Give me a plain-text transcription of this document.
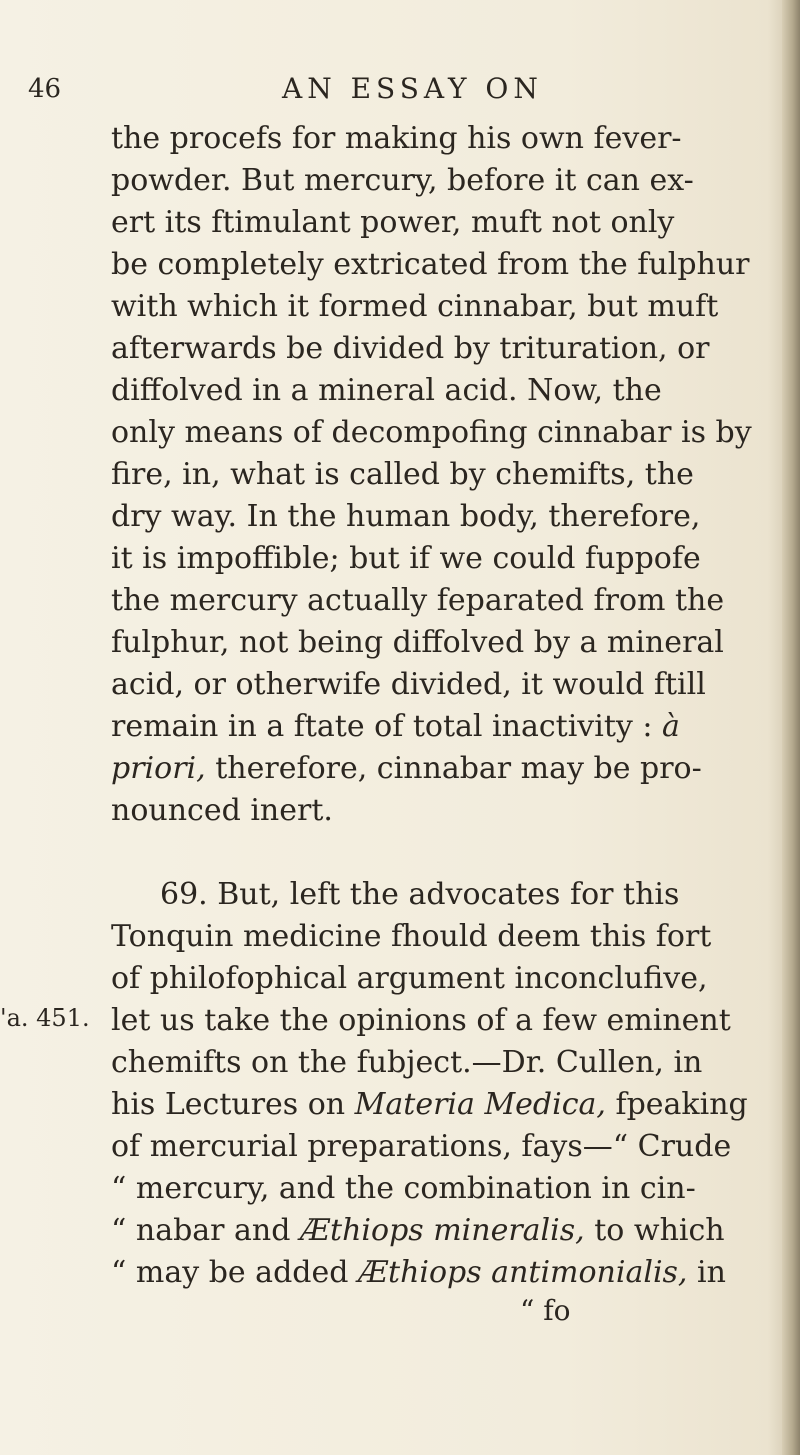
46	AN ESSAY ON
'a. 451.
the procefs for making his own fever-
powder. But mercury, before it can ex-
ert its ftimulant power, muft not only
be completely extricated from the fulphur
with which it formed cinnabar, but muft
afterwards be divided by trituration, or
diffolved in a mineral acid. Now, the
only means of decompofing cinnabar is by
fire, in, what is called by chemifts, the
dry way. In the human body, therefore,
it is impoffible; but if we could fuppofe
the mercury actually feparated from the
fulphur, not being diffolved by a mineral
acid, or otherwife divided, it would ftill
remain in a ftate of total inactivity : à
priori, therefore, cinnabar may be pro-
nounced inert.
69. But, left the advocates for this
Tonquin medicine fhould deem this fort
of philofophical argument inconclufive,
let us take the opinions of a few eminent
chemifts on the fubject.—Dr. Cullen, in
his Lectures on Materia Medica, fpeaking
of mercurial preparations, fays—“ Crude
“ mercury, and the combination in cin-
“ nabar and Æthiops mineralis, to which
“ may be added Æthiops antimonialis, in
“ fo
